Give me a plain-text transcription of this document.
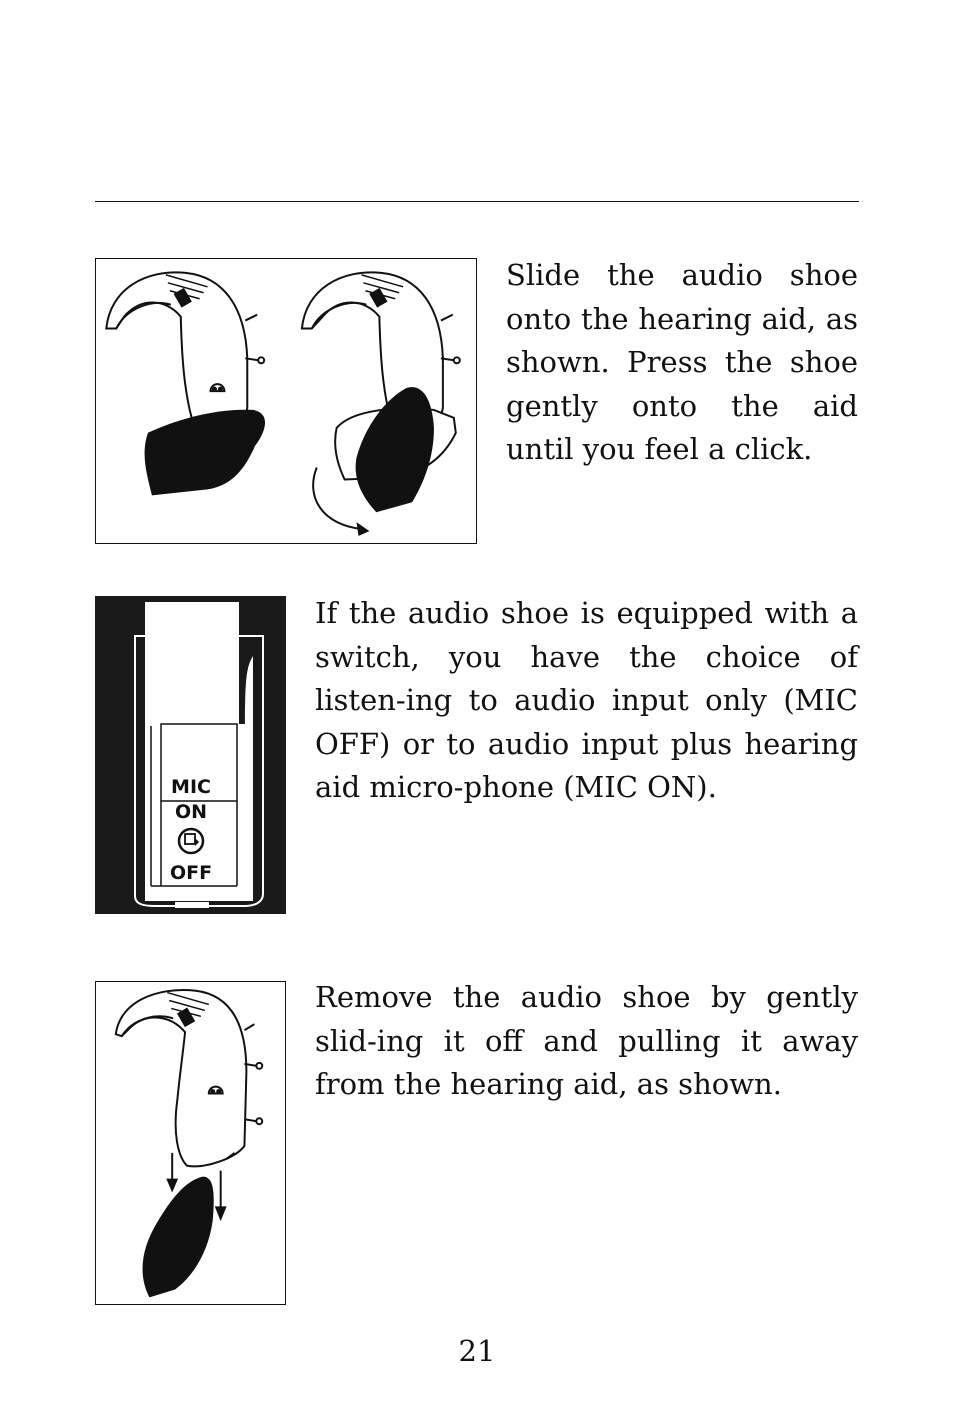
Slide the audio shoe onto the hearing aid, as shown. Press the shoe gently onto the aid until you feel a click.

MIC
ON
OFF

If the audio shoe is equipped with a switch, you have the choice of listen-ing to audio input only (MIC OFF) or to audio input plus hearing aid micro-phone (MIC ON).

Remove the audio shoe by gently slid-ing it off and pulling it away from the hearing aid, as shown.

21
